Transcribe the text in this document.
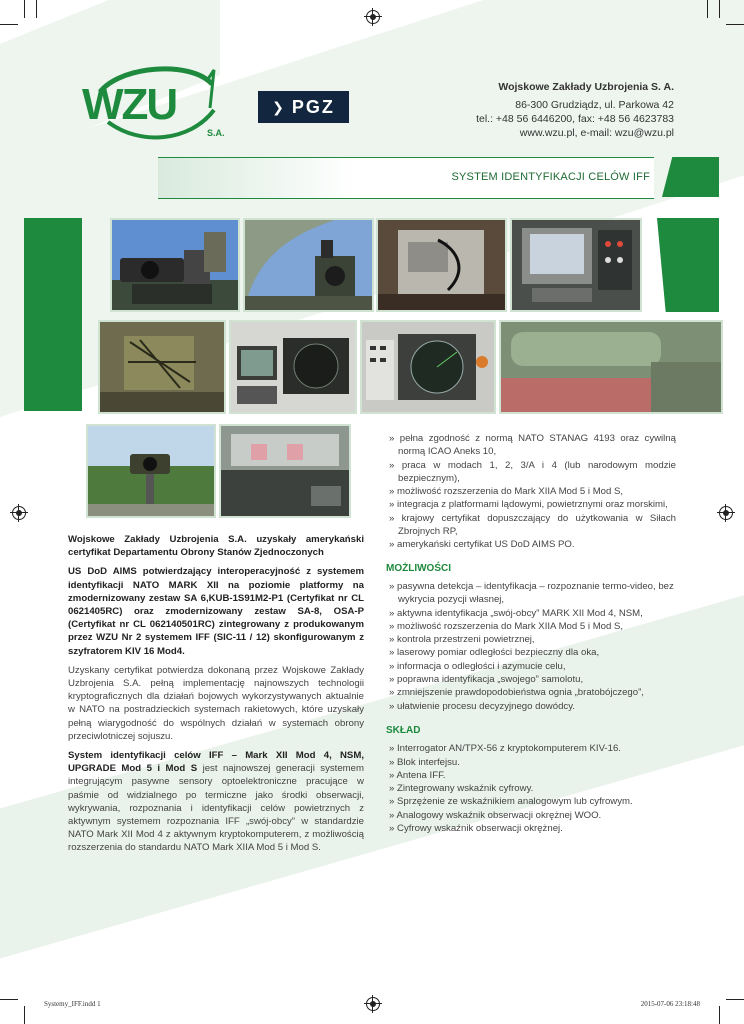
WZU
S.A.
❯ PGZ
Wojskowe Zakłady Uzbrojenia S. A.
86-300 Grudziądz, ul. Parkowa 42
tel.: +48 56 6446200, fax: +48 56 4623783
www.wzu.pl, e-mail: wzu@wzu.pl
SYSTEM IDENTYFIKACJI CELÓW IFF

Wojskowe Zakłady Uzbrojenia S.A. uzyskały amerykański certyfikat Departamentu Obrony Stanów Zjednoczonych

US DoD AIMS potwierdzający interoperacyjność z systemem identyfikacji NATO MARK XII na poziomie platformy na zmodernizowany zestaw SA 6,KUB-1S91M2-P1 (Certyfikat nr CL 0621405RC) oraz zmodernizowany zestaw SA-8, OSA-P (Certyfikat nr CL 062140501RC) zintegrowany z produkowanym przez WZU Nr 2 systemem IFF (SIC-11 / 12) skonfigurowanym z szyfratorem KIV 16 Mod4.

Uzyskany certyfikat potwierdza dokonaną przez Wojskowe Zakłady Uzbrojenia S.A. pełną implementację najnowszych technologii kryptograficznych dla działań bojowych wykorzystywanych aktualnie w NATO na postradzieckich systemach rakietowych, które uzyskały pełną wiarygodność do wspólnych działań w systemach obrony przeciwlotniczej sojuszu.

System identyfikacji celów IFF – Mark XII Mod 4, NSM, UPGRADE Mod 5 i Mod S jest najnowszej generacji systemem integrującym pasywne sensory optoelektroniczne pracujące w paśmie od widzialnego po termiczne jako środki obserwacji, wykrywania, rozpoznania i identyfikacji celów powietrznych z aktywnym systemem rozpoznania IFF „swój-obcy” w standardzie NATO Mark XII Mod 4 z aktywnym kryptokomputerem, z możliwością rozszerzenia do standardu NATO Mark XIIA Mod 5 i Mod S.

» pełna zgodność z normą NATO STANAG 4193 oraz cywilną normą ICAO Aneks 10,
» praca w modach 1, 2, 3/A i 4 (lub narodowym modzie bezpiecznym),
» możliwość rozszerzenia do Mark XIIA Mod 5 i Mod S,
» integracja z platformami lądowymi, powietrznymi oraz morskimi,
» krajowy certyfikat dopuszczający do użytkowania w Siłach Zbrojnych RP,
» amerykański certyfikat US DoD AIMS PO.
MOŻLIWOŚCI
» pasywna detekcja – identyfikacja – rozpoznanie termo-video, bez wykrycia pozycji własnej,
» aktywna identyfikacja „swój-obcy” MARK XII Mod 4, NSM,
» możliwość rozszerzenia do Mark XIIA Mod 5 i Mod S,
» kontrola przestrzeni powietrznej,
» laserowy pomiar odległości bezpieczny dla oka,
» informacja o odległości i azymucie celu,
» poprawna identyfikacja „swojego” samolotu,
» zmniejszenie prawdopodobieństwa ognia „bratobójczego”,
» ułatwienie procesu decyzyjnego dowódcy.
SKŁAD
» Interrogator AN/TPX-56 z kryptokomputerem KIV-16.
» Blok interfejsu.
» Antena IFF.
» Zintegrowany wskaźnik cyfrowy.
» Sprzężenie ze wskaźnikiem analogowym lub cyfrowym.
» Analogowy wskaźnik obserwacji okrężnej WOO.
» Cyfrowy wskaźnik obserwacji okrężnej.
Systemy_IFF.indd 1	2015-07-06 23:18:48
